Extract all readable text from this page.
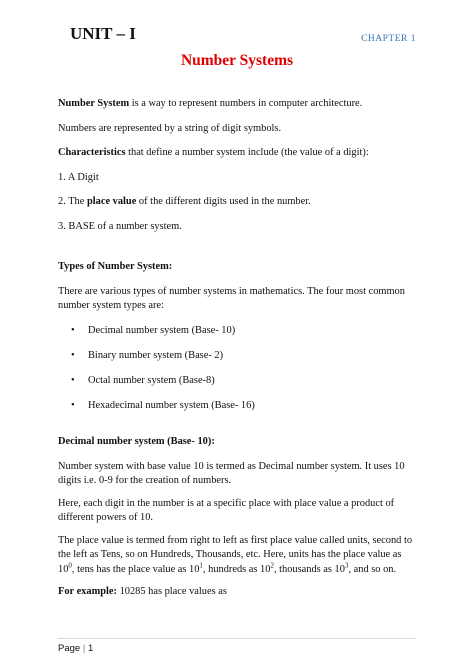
UNIT – I	CHAPTER 1
Number Systems

Number System is a way to represent numbers in computer architecture.

Numbers are represented by a string of digit symbols.

Characteristics that define a number system include (the value of a digit):

1. A Digit

2. The place value of the different digits used in the number.

3. BASE of a number system.

Types of Number System:

There are various types of number systems in mathematics. The four most common number system types are:

• Decimal number system (Base- 10)
• Binary number system (Base- 2)
• Octal number system (Base-8)
• Hexadecimal number system (Base- 16)

Decimal number system (Base- 10):

Number system with base value 10 is termed as Decimal number system. It uses 10 digits i.e. 0-9 for the creation of numbers.

Here, each digit in the number is at a specific place with place value a product of different powers of 10.

The place value is termed from right to left as first place value called units, second to the left as Tens, so on Hundreds, Thousands, etc. Here, units has the place value as $10^0$, tens has the place value as $10^1$, hundreds as $10^2$, thousands as $10^3$, and so on.

For example: 10285 has place values as

Page | 1
